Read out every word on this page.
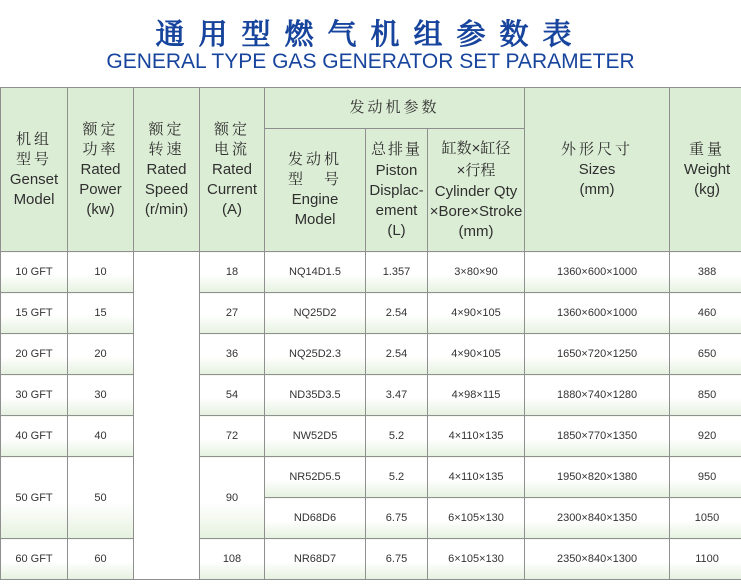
通用型燃气机组参数表
GENERAL TYPE GAS GENERATOR SET PARAMETER
机组
型号
Genset
Model	额定
功率
Rated
Power
(kw)	额定
转速
Rated
Speed
(r/min)	额定
电流
Rated
Current
(A)	发动机参数			外形尺寸
Sizes
(mm)	重量
Weight
(kg)

				发动机
型　号
Engine
Model	总排量
Piston
Displac-
ement
(L)	缸数×缸径
×行程
Cylinder Qty
×Bore×Stroke
(mm)		

10 GFT	10		18	NQ14D1.5	1.357	3×80×90	1360×600×1000	388
15 GFT	15		27	NQ25D2	2.54	4×90×105	1360×600×1000	460
20 GFT	20		36	NQ25D2.3	2.54	4×90×105	1650×720×1250	650
30 GFT	30		54	ND35D3.5	3.47	4×98×115	1880×740×1280	850
40 GFT	40		72	NW52D5	5.2	4×110×135	1850×770×1350	920
50 GFT	50		90	NR52D5.5	5.2	4×110×135	1950×820×1380	950
				ND68D6	6.75	6×105×130	2300×840×1350	1050
60 GFT	60		108	NR68D7	6.75	6×105×130	2350×840×1300	1100
